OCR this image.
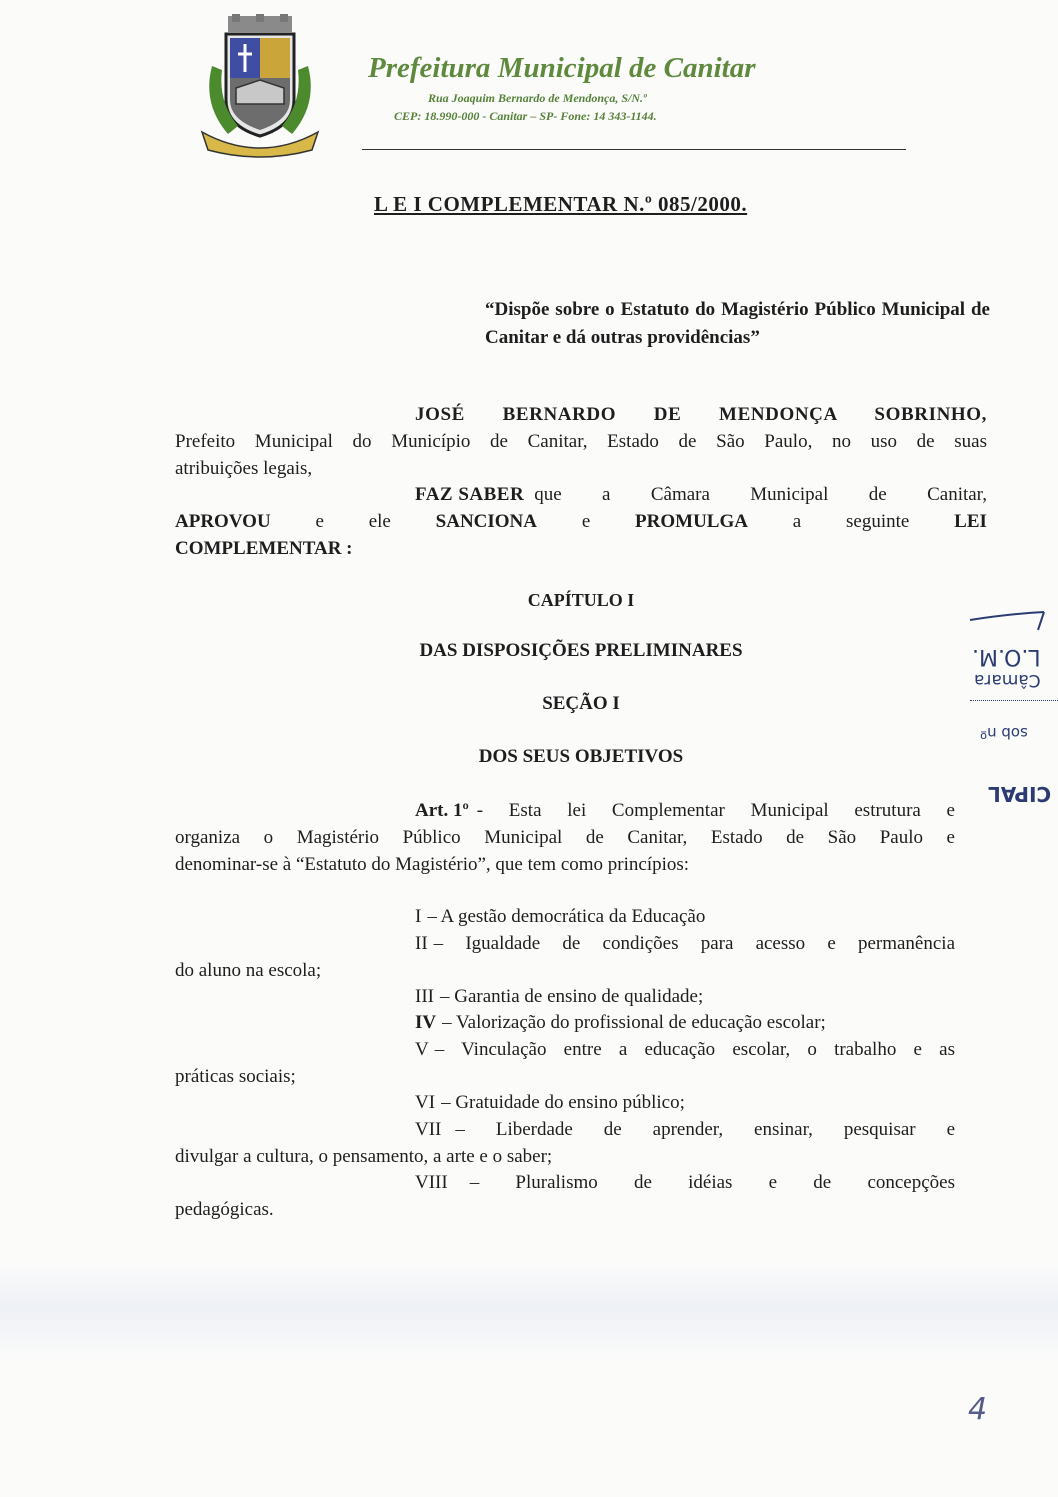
Prefeitura Municipal de Canitar
Rua Joaquim Bernardo de Mendonça, S/N.º
CEP: 18.990-000 - Canitar – SP- Fone: 14 343-1144.
L E I COMPLEMENTAR N.º 085/2000.
“Dispõe sobre o Estatuto do Magistério Público Municipal de Canitar e dá outras providências”
JOSÉ BERNARDO DE MENDONÇA SOBRINHO,
Prefeito Municipal do Município de Canitar, Estado de São Paulo, no uso de suas
atribuições legais,
FAZ SABER que a Câmara Municipal de Canitar,
APROVOU e ele SANCIONA e PROMULGA a seguinte LEI
COMPLEMENTAR :
CAPÍTULO I
DAS DISPOSIÇÕES PRELIMINARES
SEÇÃO I
DOS SEUS OBJETIVOS
Art. 1º - Esta lei Complementar Municipal estrutura e
organiza o Magistério Público Municipal de Canitar, Estado de São Paulo e
denominar-se à “Estatuto do Magistério”, que tem como princípios:
I – A gestão democrática da Educação
II – Igualdade de condições para acesso e permanência
do aluno na escola;
III – Garantia de ensino de qualidade;
IV – Valorização do profissional de educação escolar;
V – Vinculação entre a educação escolar, o trabalho e as
práticas sociais;
VI – Gratuidade do ensino público;
VII – Liberdade de aprender, ensinar, pesquisar e
divulgar a cultura, o pensamento, a arte e o saber;
VIII – Pluralismo de idéias e de concepções
pedagógicas.
L.O.M.
Câmara
sob nº
CIPAL
4
